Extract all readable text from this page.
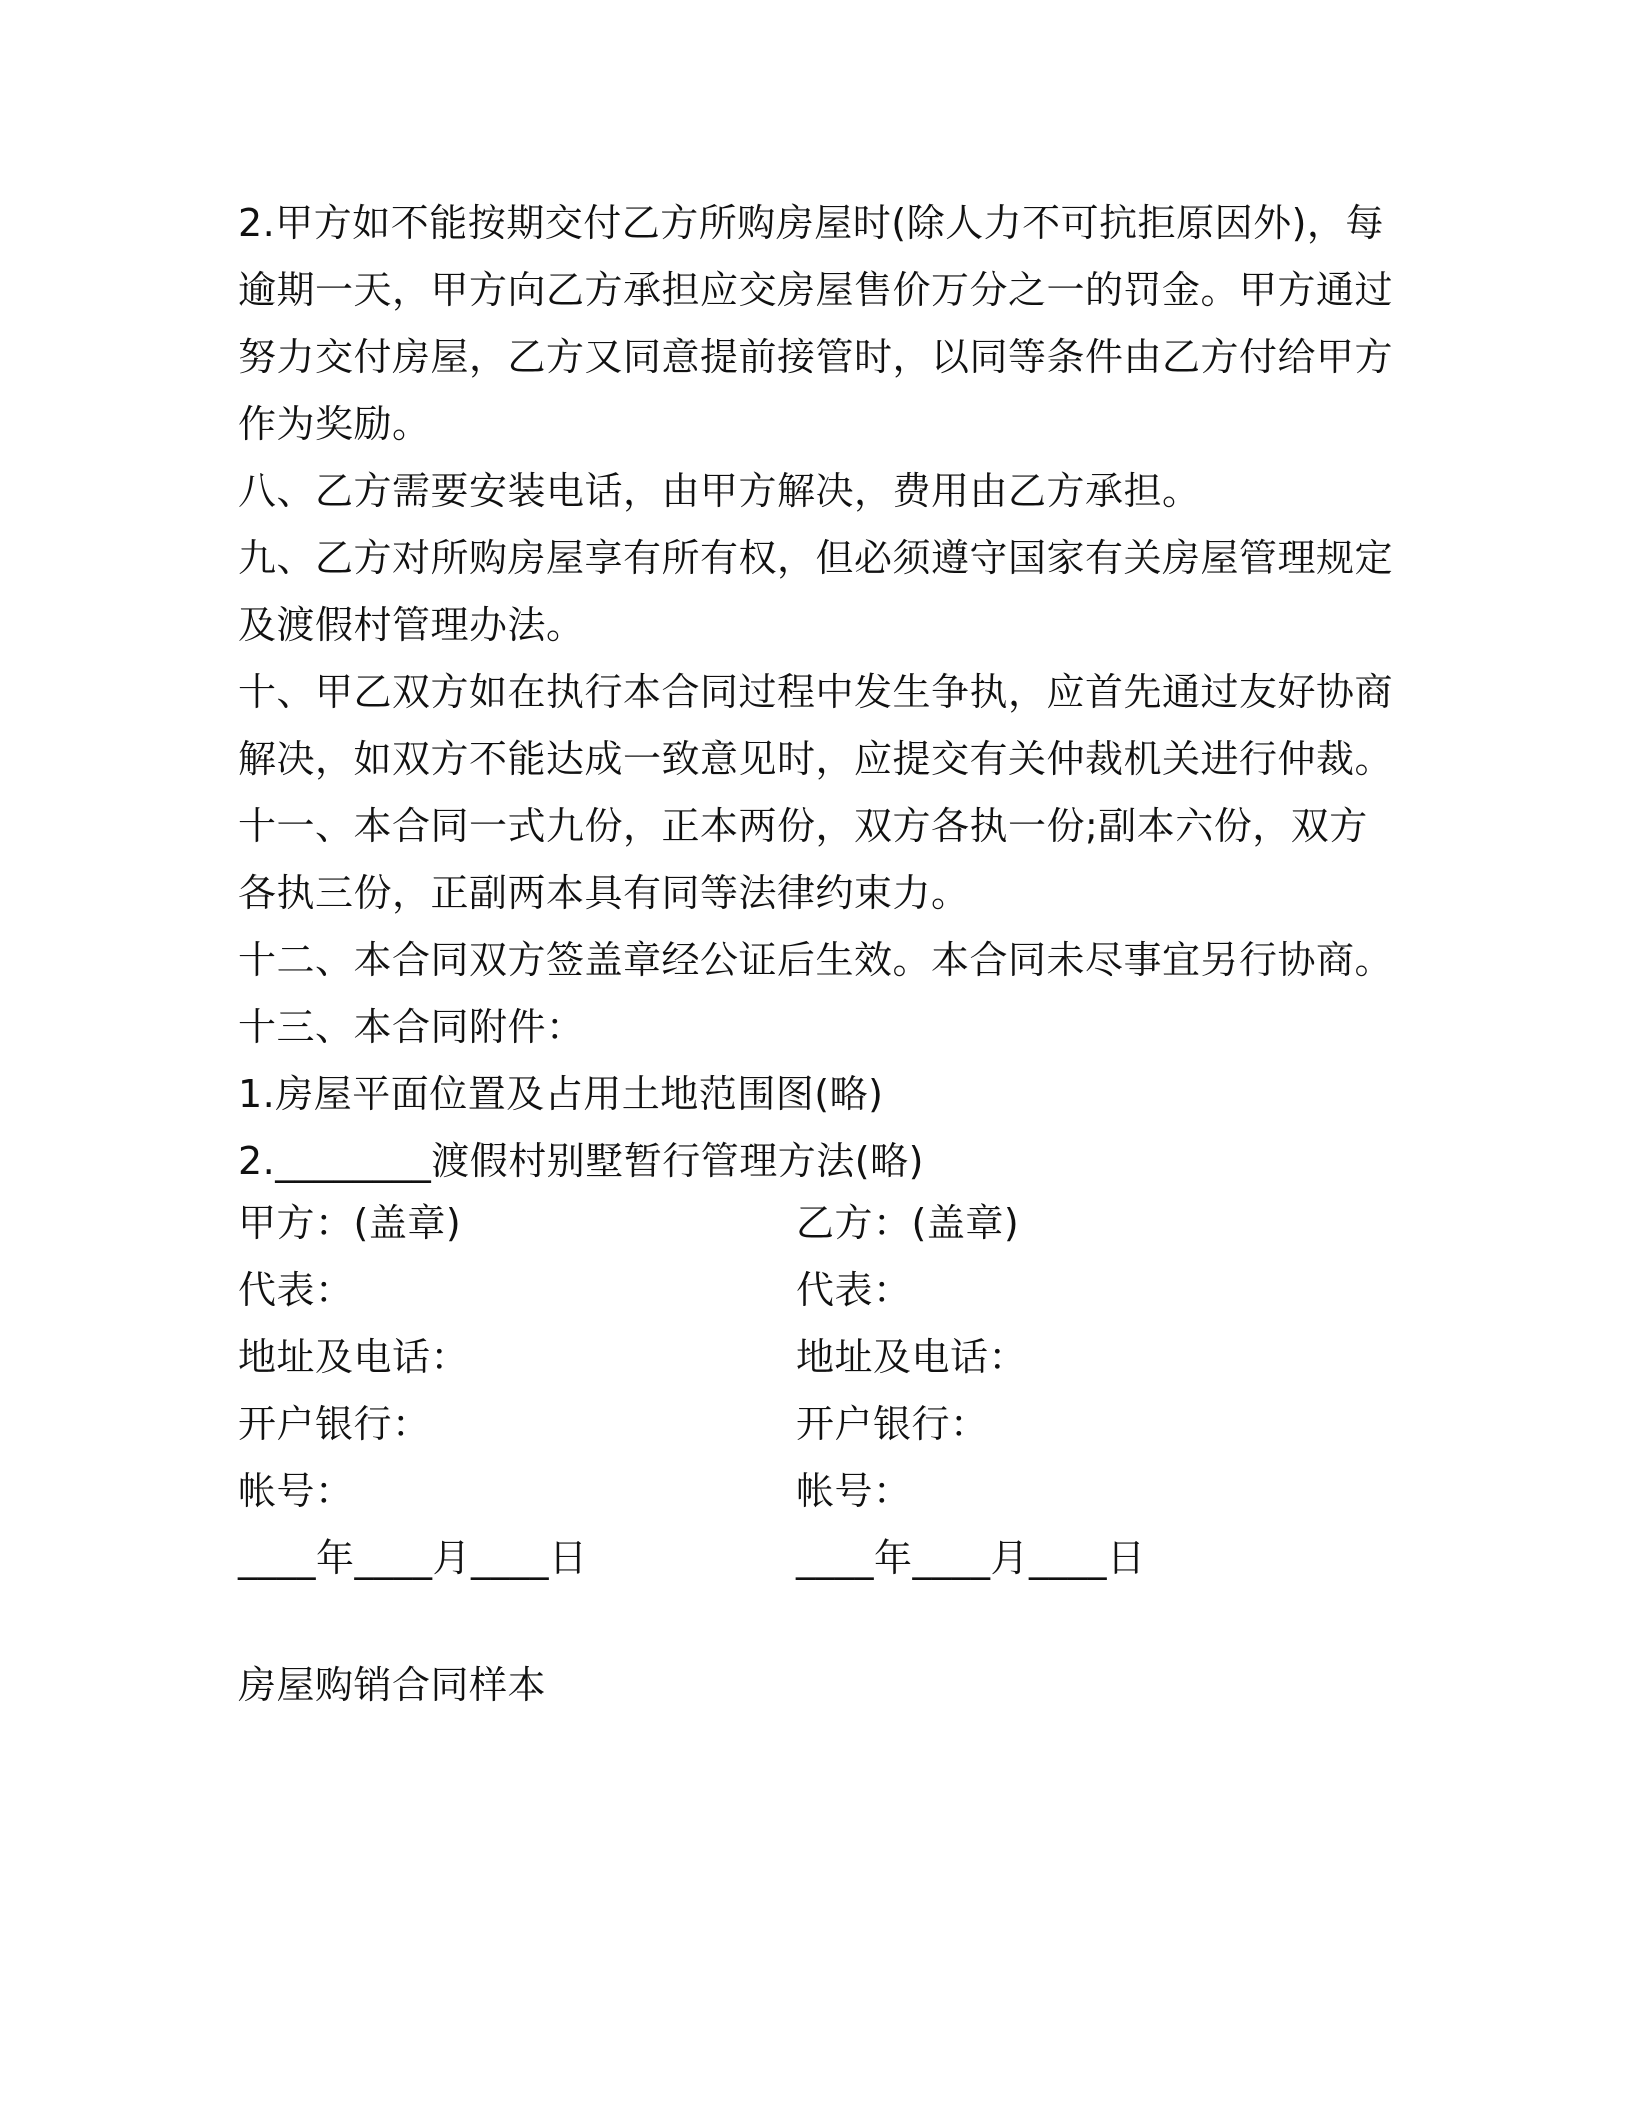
2.甲方如不能按期交付乙方所购房屋时(除人力不可抗拒原因外)，每逾期一天，甲方向乙方承担应交房屋售价万分之一的罚金。甲方通过努力交付房屋，乙方又同意提前接管时，以同等条件由乙方付给甲方作为奖励。

八、乙方需要安装电话，由甲方解决，费用由乙方承担。

九、乙方对所购房屋享有所有权，但必须遵守国家有关房屋管理规定及渡假村管理办法。

十、甲乙双方如在执行本合同过程中发生争执，应首先通过友好协商解决，如双方不能达成一致意见时，应提交有关仲裁机关进行仲裁。

十一、本合同一式九份，正本两份，双方各执一份;副本六份，双方各执三份，正副两本具有同等法律约束力。

十二、本合同双方签盖章经公证后生效。本合同未尽事宜另行协商。

十三、本合同附件：

1.房屋平面位置及占用土地范围图(略)

2.________渡假村别墅暂行管理方法(略)

甲方：(盖章)	乙方：(盖章)
代表：	代表：
地址及电话：	地址及电话：
开户银行：	开户银行：
帐号：	帐号：
____年____月____日	____年____月____日
房屋购销合同样本
